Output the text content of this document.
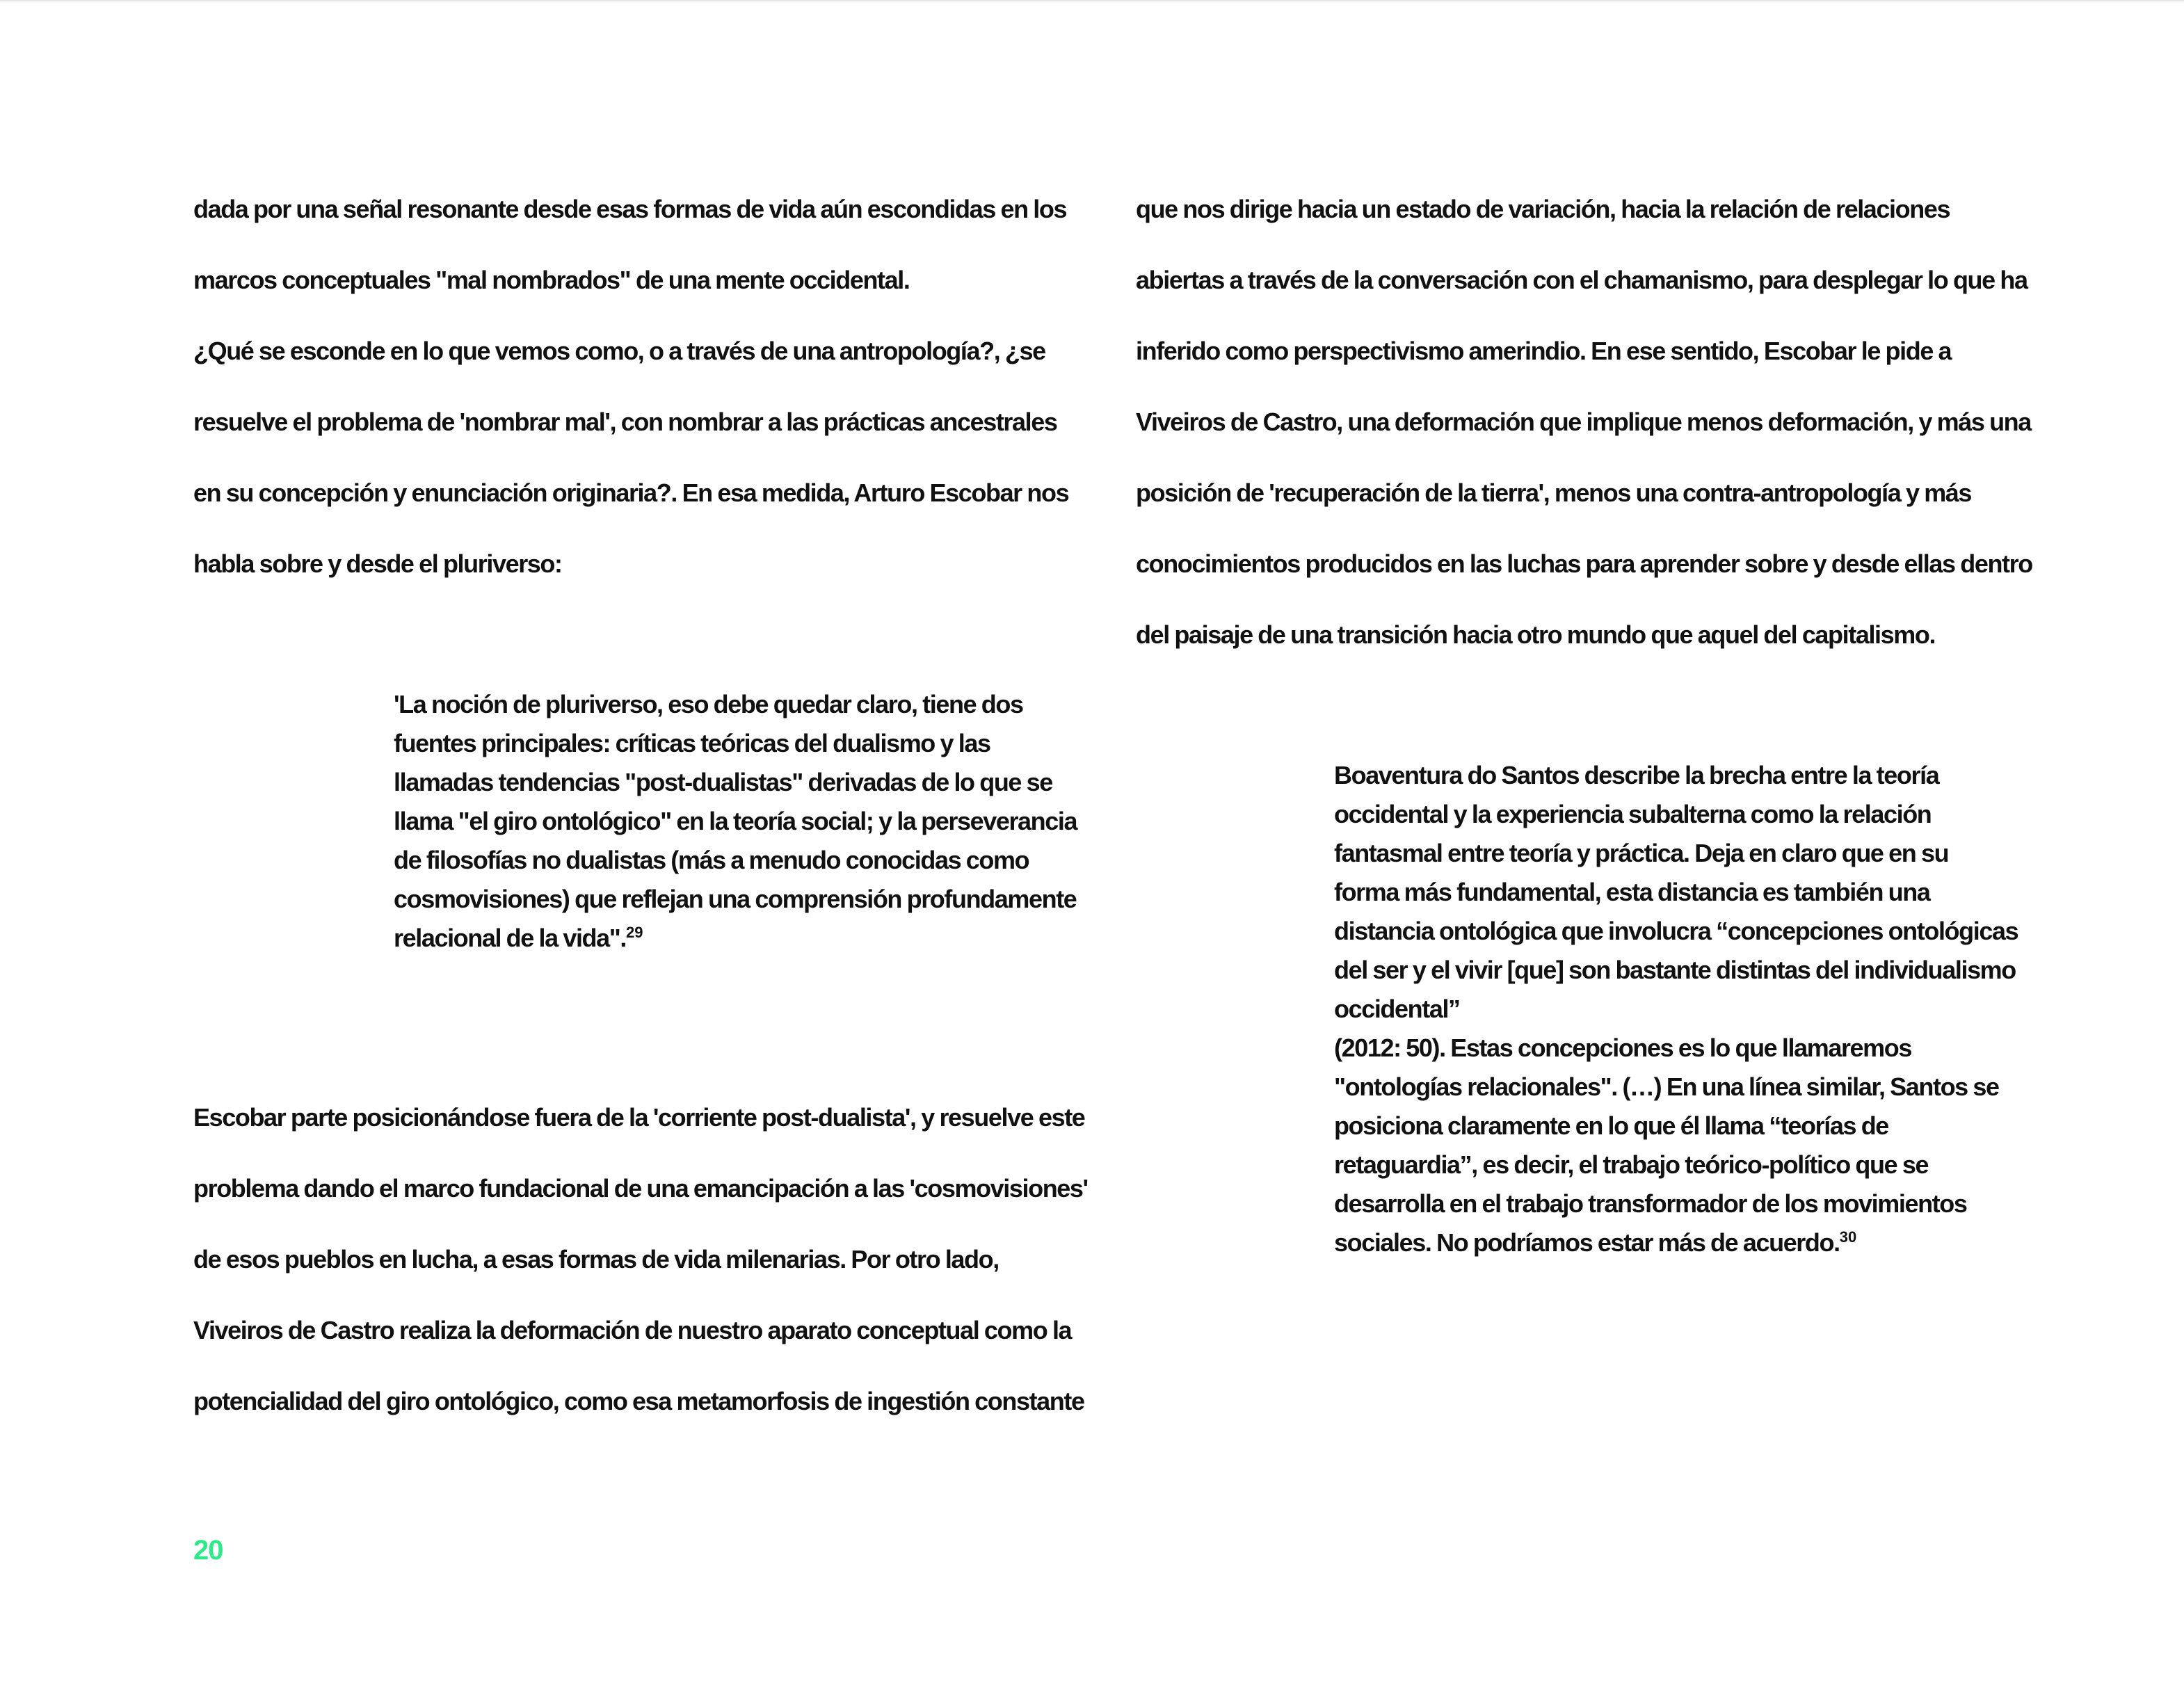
dada por una señal resonante desde esas formas de vida aún escondidas en los
marcos conceptuales "mal nombrados" de una mente occidental.
¿Qué se esconde en lo que vemos como, o a través de una antropología?, ¿se
resuelve el problema de 'nombrar mal', con nombrar a las prácticas ancestrales
en su concepción y enunciación originaria?. En esa medida, Arturo Escobar nos
habla sobre y desde el pluriverso:
'La noción de pluriverso, eso debe quedar claro, tiene dos
fuentes principales: críticas teóricas del dualismo y las
llamadas tendencias "post-dualistas" derivadas de lo que se
llama "el giro ontológico" en la teoría social; y la perseverancia
de filosofías no dualistas (más a menudo conocidas como
cosmovisiones) que reflejan una comprensión profundamente
relacional de la vida".$^{29}$
Escobar parte posicionándose fuera de la 'corriente post-dualista', y resuelve este
problema dando el marco fundacional de una emancipación a las 'cosmovisiones'
de esos pueblos en lucha, a esas formas de vida milenarias. Por otro lado,
Viveiros de Castro realiza la deformación de nuestro aparato conceptual como la
potencialidad del giro ontológico, como esa metamorfosis de ingestión constante
20
que nos dirige hacia un estado de variación, hacia la relación de relaciones
abiertas a través de la conversación con el chamanismo, para desplegar lo que ha
inferido como perspectivismo amerindio. En ese sentido, Escobar le pide a
Viveiros de Castro, una deformación que implique menos deformación, y más una
posición de 'recuperación de la tierra', menos una contra-antropología y más
conocimientos producidos en las luchas para aprender sobre y desde ellas dentro
del paisaje de una transición hacia otro mundo que aquel del capitalismo.
Boaventura do Santos describe la brecha entre la teoría
occidental y la experiencia subalterna como la relación
fantasmal entre teoría y práctica. Deja en claro que en su
forma más fundamental, esta distancia es también una
distancia ontológica que involucra “concepciones ontológicas
del ser y el vivir [que] son bastante distintas del individualismo
occidental”
(2012: 50). Estas concepciones es lo que llamaremos
"ontologías relacionales". (…) En una línea similar, Santos se
posiciona claramente en lo que él llama “teorías de
retaguardia”, es decir, el trabajo teórico-político que se
desarrolla en el trabajo transformador de los movimientos
sociales. No podríamos estar más de acuerdo.$^{30}$
